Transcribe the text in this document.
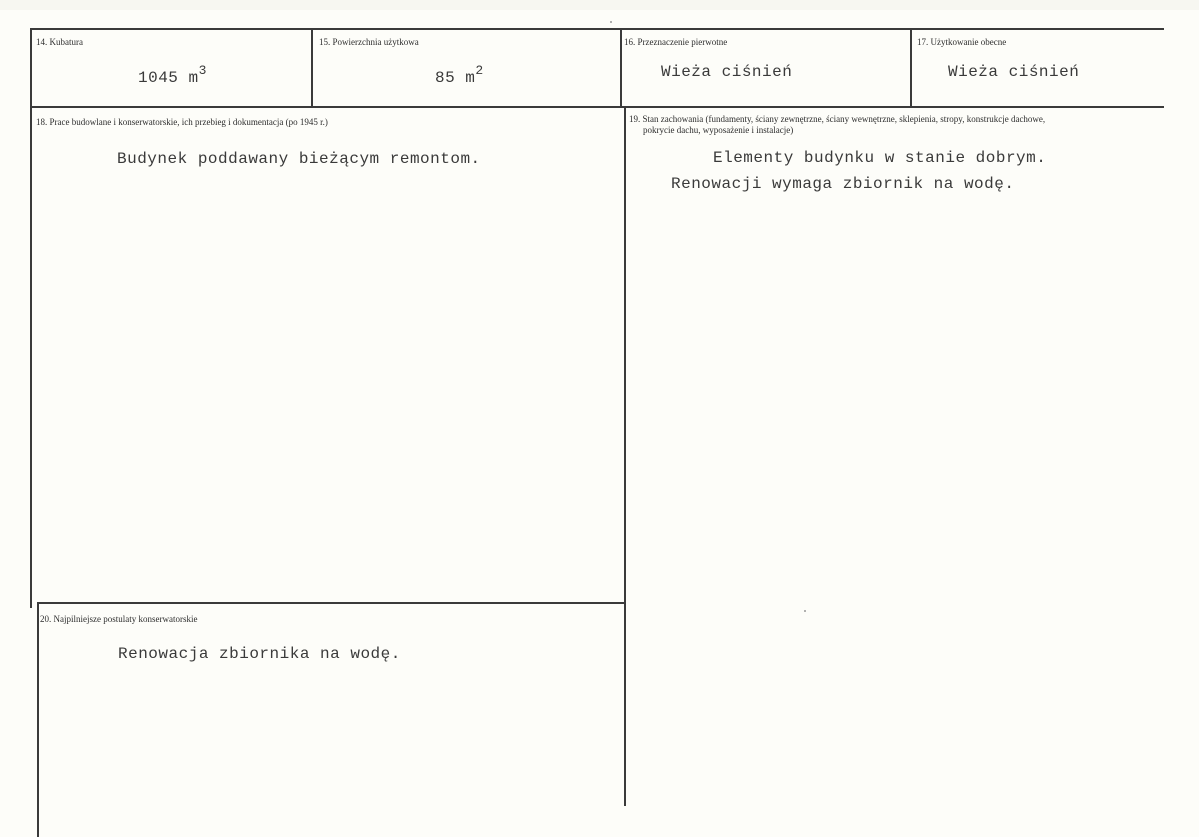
14. Kubatura
1045 $m^3$
15. Powierzchnia użytkowa
85 $m^2$
16. Przeznaczenie pierwotne
Wieża ciśnień
17. Użytkowanie obecne
Wieża ciśnień
18. Prace budowlane i konserwatorskie, ich przebieg i dokumentacja (po 1945 r.)
Budynek poddawany bieżącym remontom.
19. Stan zachowania (fundamenty, ściany zewnętrzne, ściany wewnętrzne, sklepienia, stropy, konstrukcje dachowe,
pokrycie dachu, wyposażenie i instalacje)
Elementy budynku w stanie dobrym.
Renowacji wymaga zbiornik na wodę.
20. Najpilniejsze postulaty konserwatorskie
Renowacja zbiornika na wodę.
